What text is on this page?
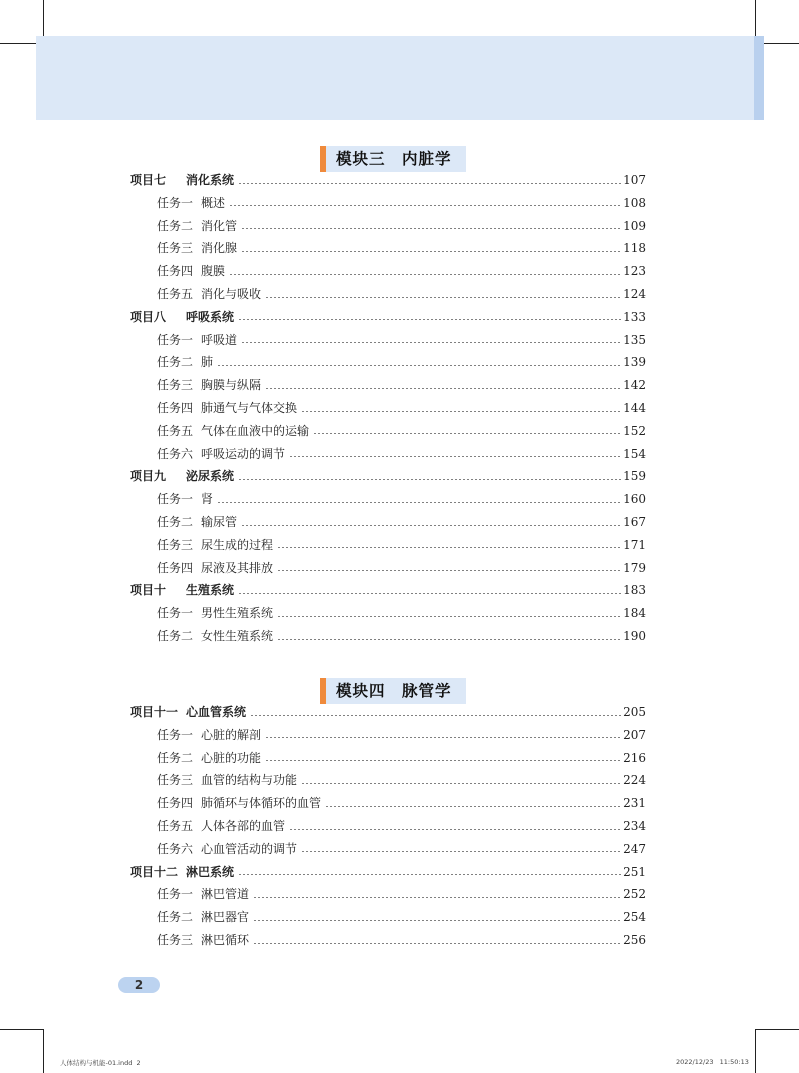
模块三　内脏学
项目七	消化系统	107
任务一 概述	108
任务二 消化管	109
任务三 消化腺	118
任务四 腹膜	123
任务五 消化与吸收	124
项目八	呼吸系统	133
任务一 呼吸道	135
任务二 肺	139
任务三 胸膜与纵隔	142
任务四 肺通气与气体交换	144
任务五 气体在血液中的运输	152
任务六 呼吸运动的调节	154
项目九	泌尿系统	159
任务一 肾	160
任务二 输尿管	167
任务三 尿生成的过程	171
任务四 尿液及其排放	179
项目十	生殖系统	183
任务一 男性生殖系统	184
任务二 女性生殖系统	190
模块四　脉管学
项目十一 心血管系统	205
任务一 心脏的解剖	207
任务二 心脏的功能	216
任务三 血管的结构与功能	224
任务四 肺循环与体循环的血管	231
任务五 人体各部的血管	234
任务六 心血管活动的调节	247
项目十二 淋巴系统	251
任务一 淋巴管道	252
任务二 淋巴器官	254
任务三 淋巴循环	256
2
人体结构与机能-01.indd  2	2022/12/23   11:50:13
